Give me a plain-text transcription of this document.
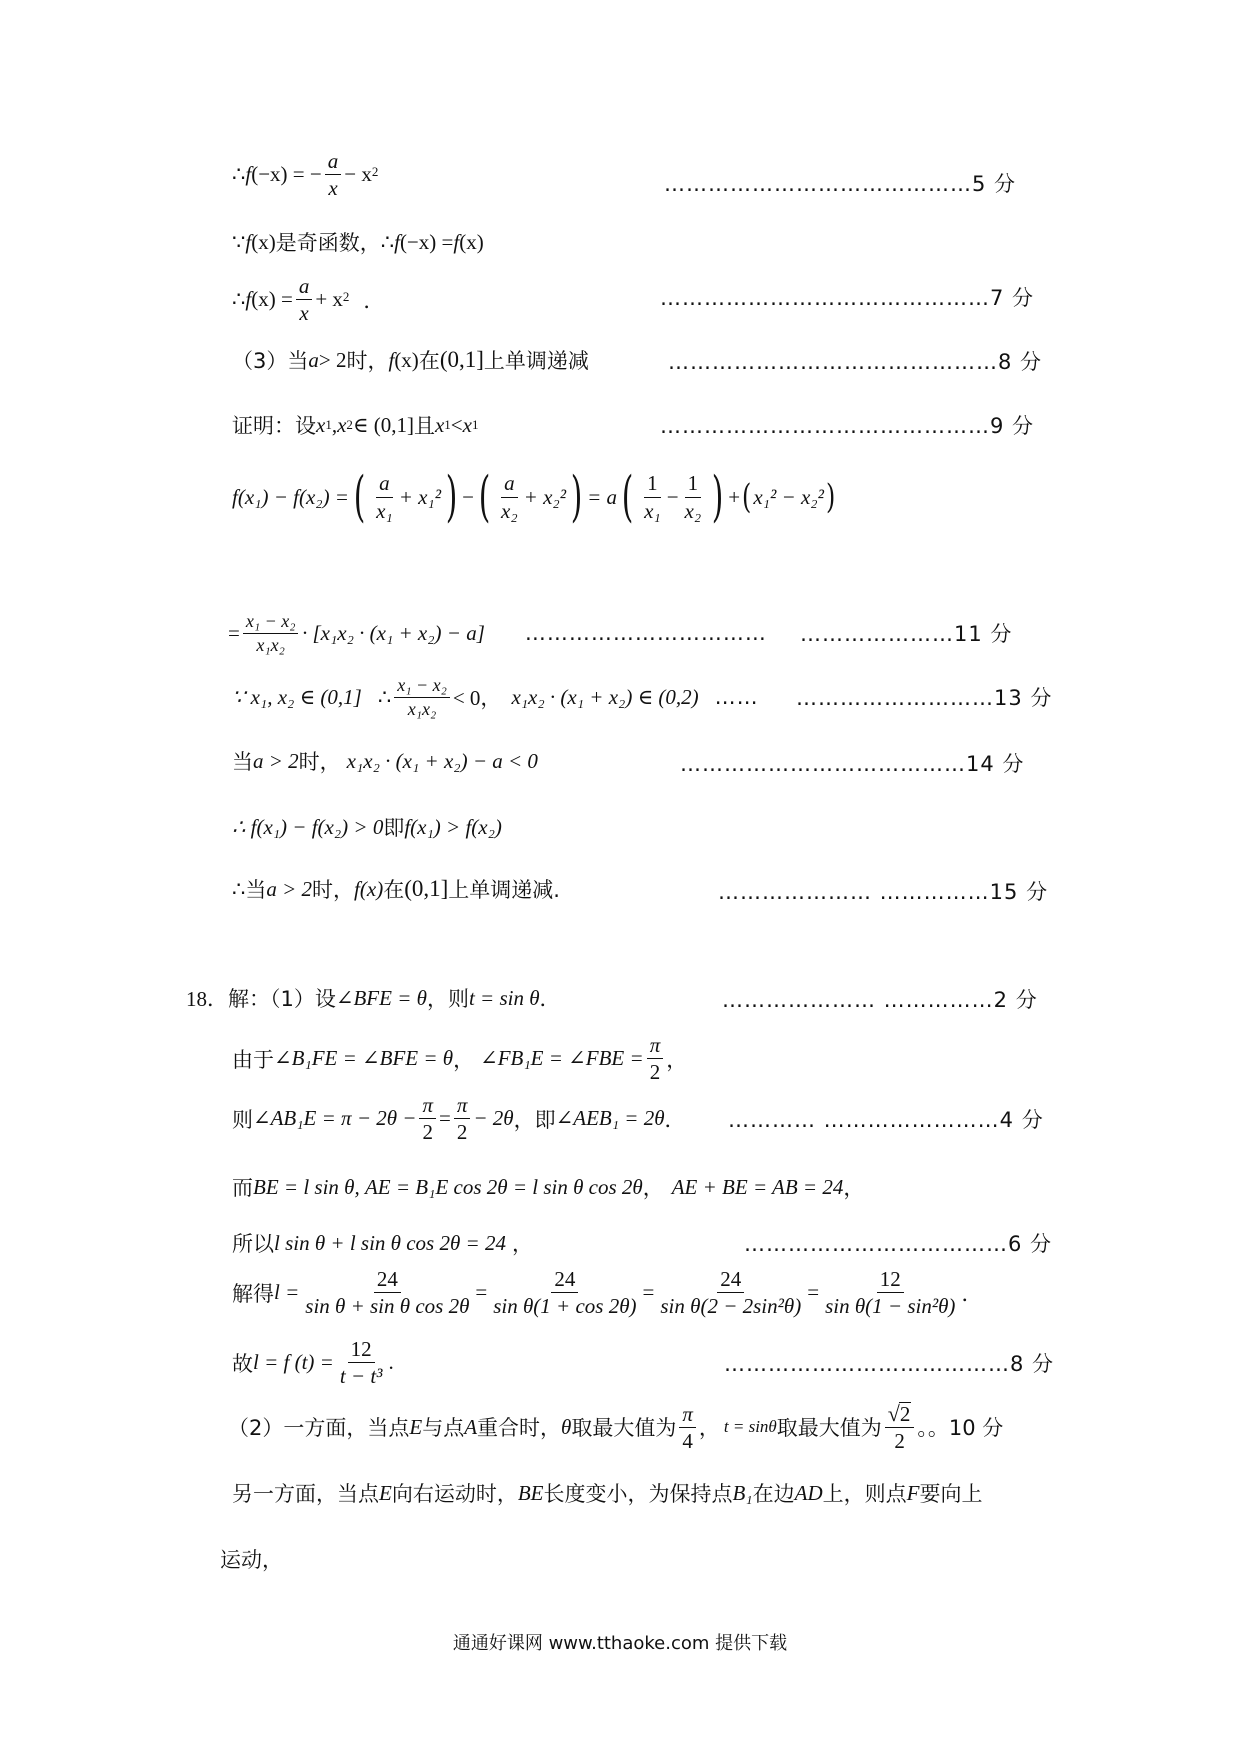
∴ f (−x) = − $\frac{a}{x} - x$ 2
……………………………………5 分
∵ f (x) 是奇函数， ∴ f (−x) = f (x)
∴ f $(x) = \frac{a}{x} + x$ 2 ．	………………………………………7 分
（3）当 a > 2 时， f (x) 在 (0,1] 上单调递减	………………………………………8 分
证明：设 x 1 , x 2 ∈ (0,1] 且 x 1 < x 1	………………………………………9 分
f(x₁) − f(x₂) = ( $\frac{a}{\text{x₁}} + x_1^2$ ) − ( $\frac{a}{\text{x₂}} + x_2^2$ ) = a ( $\frac{1}{\text{x₁}} - \frac{1}{\text{x₂}}$ ) + ( x₁² − x₂² )
= $\frac{\text{x₁ − x₂}}{\text{x₁x₂}} \cdot [x_1x_2 \cdot (x_1 + x_2) - a]$ …………………………… …………………11 分
∵ x₁, x₂ ∈ (0,1] ∴ $\frac{\text{x₁ − x₂}}{\text{x₁x₂}} < 0$， x₁x₂ · (x₁ + x₂) ∈ (0,2) …… ………………………13 分
当 a > 2 时， x₁x₂ · (x₁ + x₂) − a < 0	…………………………………14 分
∴ f(x₁) − f(x₂) > 0 即 f(x₁) > f(x₂)
∴ 当 a > 2 时， f(x) 在 (0,1] 上单调递减.	………………… ……………15 分
18． 解：（1）设 ∠BFE = θ ，则 t = sin θ ．	………………… ……………2 分
由于 ∠B₁FE = ∠BFE = θ ， ∠FB₁E = ∠FBE = $\frac{\pi}{2}$ ，
则 ∠AB₁E = $\pi - 2\theta - \frac{\pi}{2} = \frac{\pi}{2} - 2\theta$ ，即 ∠AEB₁ = 2θ ． ………… ……………………4 分
而 BE = l sin θ, AE = B₁E cos 2θ = l sin θ cos 2θ ， AE + BE = AB = 24 ，
所以 l sin θ + l sin θ cos 2θ = 24 ，	………………………………6 分
解得 $l = \frac{24}{\text{sin θ + sin θ cos 2θ}} = \frac{24}{\text{sin θ(1 + cos 2θ)}} = \frac{24}{\text{sin θ(2 − 2sin²θ)}} = \frac{12}{\text{sin θ(1 − sin²θ)}}$ ．
故 l = f $(t) = \frac{12}{\text{t − t³}}$ .	…………………………………8 分
（2）一方面，当点 E 与点 A 重合时， θ 取最大值为 $\frac{\pi}{4}$ ， t = sinθ 取最大值为 $\frac{√ 2}{2}$ 。。10 分
另一方面，当点 E 向右运动时， BE 长度变小，为保持点 B₁ 在边 AD 上，则点 F 要向上
运动，
通通好课网 www.tthaoke.com 提供下载
